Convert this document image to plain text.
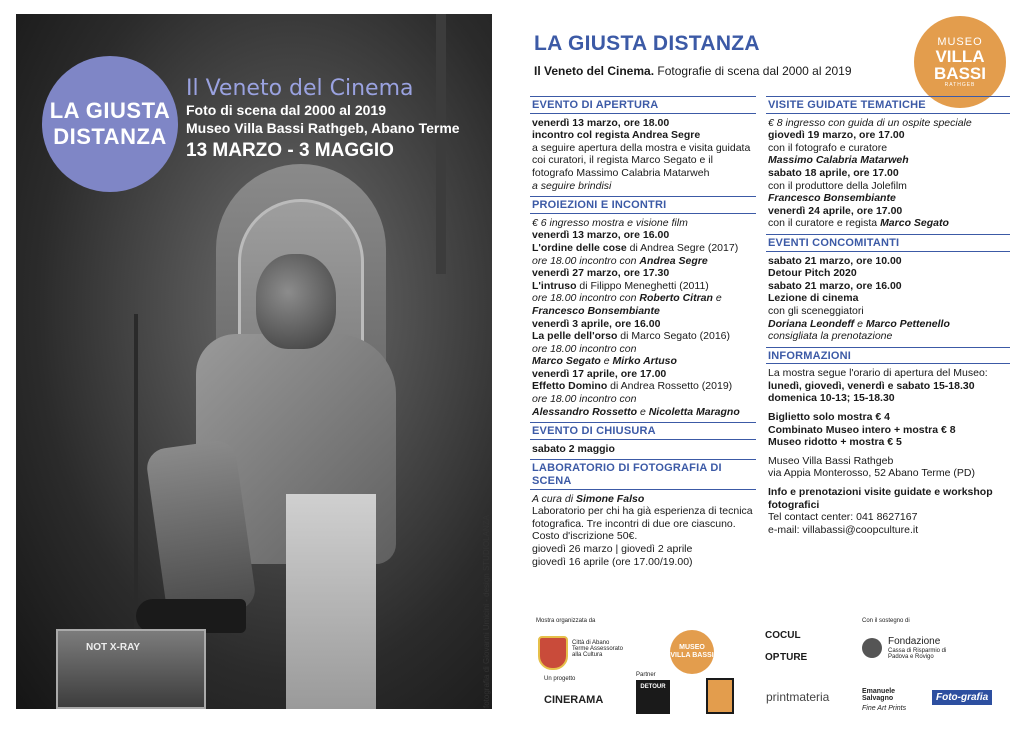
NOT X-RAY
LA GIUSTA
DISTANZA
Il Veneto del Cinema
Foto di scena dal 2000 al 2019
Museo Villa Bassi Rathgeb, Abano Terme
13 MARZO - 3 MAGGIO
fotografia di Giovanni Umicini - design STUDIOLANZA
LA GIUSTA DISTANZA
Il Veneto del Cinema. Fotografie di scena dal 2000 al 2019
MUSEO
VILLA
BASSI
RATHGEB
EVENTO DI APERTURA
venerdì 13 marzo, ore 18.00
incontro col regista Andrea Segre
a seguire apertura della mostra e visita guidata coi curatori, il regista Marco Segato e il fotografo Massimo Calabria Matarweh
a seguire brindisi
PROIEZIONI E INCONTRI
€ 6 ingresso mostra e visione film
venerdì 13 marzo, ore 16.00
L'ordine delle cose di Andrea Segre (2017)
ore 18.00 incontro con Andrea Segre
venerdì 27 marzo, ore 17.30
L'intruso di Filippo Meneghetti (2011)
ore 18.00 incontro con Roberto Citran e
Francesco Bonsembiante
venerdì 3 aprile, ore 16.00
La pelle dell'orso di Marco Segato (2016)
ore 18.00 incontro con
Marco Segato e Mirko Artuso
venerdì 17 aprile, ore 17.00
Effetto Domino di Andrea Rossetto (2019)
ore 18.00 incontro con
Alessandro Rossetto e Nicoletta Maragno
EVENTO DI CHIUSURA
sabato 2 maggio
LABORATORIO DI FOTOGRAFIA DI SCENA
A cura di Simone Falso
Laboratorio per chi ha già esperienza di tecnica fotografica. Tre incontri di due ore ciascuno. Costo d'iscrizione 50€.
giovedì 26 marzo | giovedì 2 aprile
giovedì 16 aprile (ore 17.00/19.00)
VISITE GUIDATE TEMATICHE
€ 8 ingresso con guida di un ospite speciale
giovedì 19 marzo, ore 17.00
con il fotografo e curatore
Massimo Calabria Matarweh
sabato 18 aprile, ore 17.00
con il produttore della Jolefilm
Francesco Bonsembiante
venerdì 24 aprile, ore 17.00
con il curatore e regista Marco Segato
EVENTI CONCOMITANTI
sabato 21 marzo, ore 10.00
Detour Pitch 2020
sabato 21 marzo, ore 16.00
Lezione di cinema
con gli sceneggiatori
Doriana Leondeff e Marco Pettenello
consigliata la prenotazione
INFORMAZIONI
La mostra segue l'orario di apertura del Museo:
lunedì, giovedì, venerdì e sabato 15-18.30
domenica 10-13; 15-18.30
Biglietto solo mostra € 4
Combinato Museo intero + mostra € 8
Museo ridotto + mostra € 5
Museo Villa Bassi Rathgeb
via Appia Monterosso, 52 Abano Terme (PD)
Info e prenotazioni visite guidate e workshop fotografici
Tel contact center: 041 8627167
e-mail: villabassi@coopculture.it
Mostra organizzata da
Città di Abano Terme Assessorato alla Cultura
MUSEO VILLA BASSI
CO CUL
OP TURE
Con il sostegno di
Fondazione
Cassa di Risparmio di Padova e Rovigo
Un progetto
CINERAMA
Partner
DETOUR
printmateria	Emanuele Salvagno
Fine Art Prints
Foto-grafia
